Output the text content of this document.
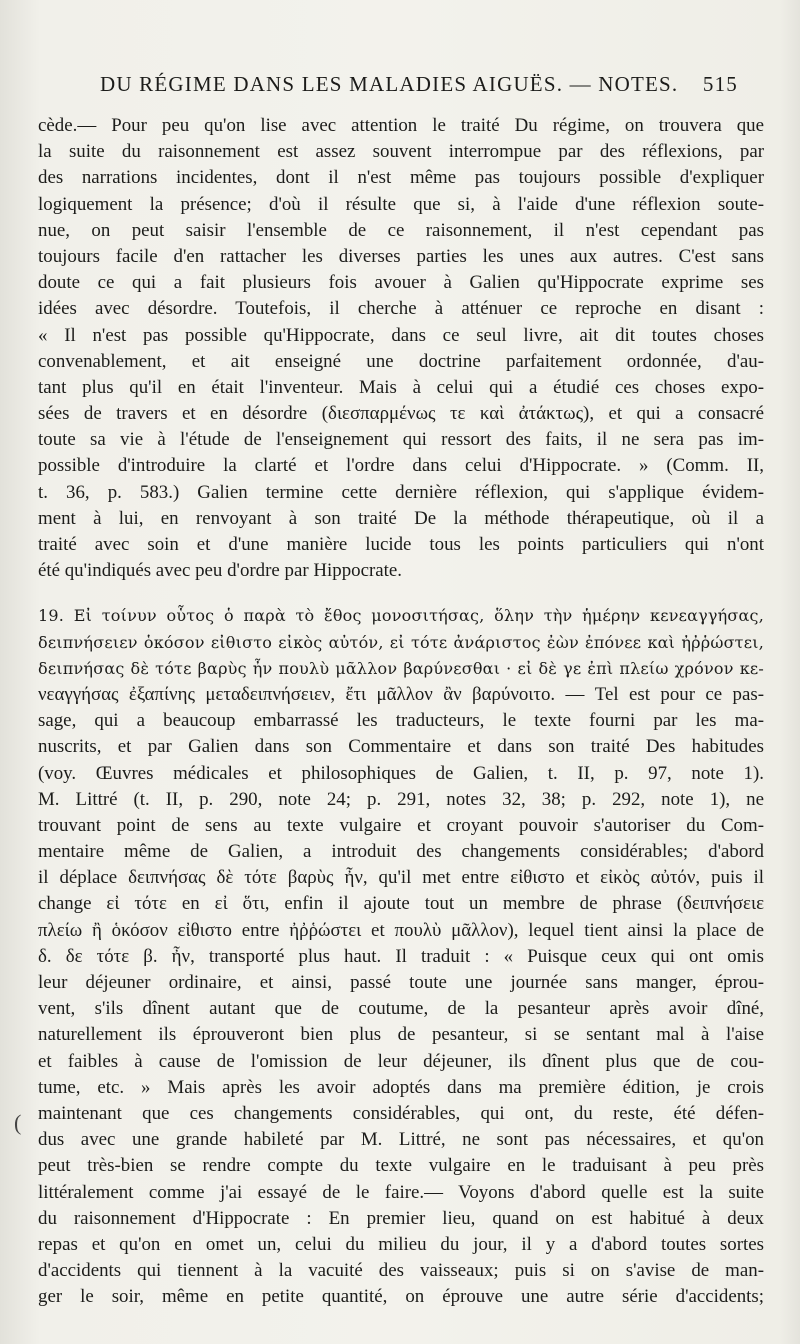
DU RÉGIME DANS LES MALADIES AIGUËS. — NOTES. 515
cède.— Pour peu qu'on lise avec attention le traité Du régime, on trouvera que
la suite du raisonnement est assez souvent interrompue par des réflexions, par
des narrations incidentes, dont il n'est même pas toujours possible d'expliquer
logiquement la présence; d'où il résulte que si, à l'aide d'une réflexion soute-
nue, on peut saisir l'ensemble de ce raisonnement, il n'est cependant pas
toujours facile d'en rattacher les diverses parties les unes aux autres. C'est sans
doute ce qui a fait plusieurs fois avouer à Galien qu'Hippocrate exprime ses
idées avec désordre. Toutefois, il cherche à atténuer ce reproche en disant :
« Il n'est pas possible qu'Hippocrate, dans ce seul livre, ait dit toutes choses
convenablement, et ait enseigné une doctrine parfaitement ordonnée, d'au-
tant plus qu'il en était l'inventeur. Mais à celui qui a étudié ces choses expo-
sées de travers et en désordre (διεσπαρμένως τε καὶ ἀτάκτως), et qui a consacré
toute sa vie à l'étude de l'enseignement qui ressort des faits, il ne sera pas im-
possible d'introduire la clarté et l'ordre dans celui d'Hippocrate. » (Comm. II,
t. 36, p. 583.) Galien termine cette dernière réflexion, qui s'applique évidem-
ment à lui, en renvoyant à son traité De la méthode thérapeutique, où il a
traité avec soin et d'une manière lucide tous les points particuliers qui n'ont
été qu'indiqués avec peu d'ordre par Hippocrate.
19. Εἰ τοίνυν οὗτος ὁ παρὰ τὸ ἔθος μονοσιτήσας, ὅλην τὴν ἡμέρην κενεαγγήσας,
δειπνήσειεν ὁκόσον εἰθιστο εἰκὸς αὐτόν, εἰ τότε ἀνάριστος ἐὼν ἐπόνεε καὶ ἠῤῥώστει,
δειπνήσας δὲ τότε βαρὺς ἦν πουλὺ μᾶλλον βαρύνεσθαι · εἰ δὲ γε ἐπὶ πλείω χρόνον κε-
νεαγγήσας ἐξαπίνης μεταδειπνήσειεν, ἔτι μᾶλλον ἂν βαρύνοιτο. — Tel est pour ce pas-
sage, qui a beaucoup embarrassé les traducteurs, le texte fourni par les ma-
nuscrits, et par Galien dans son Commentaire et dans son traité Des habitudes
(voy. Œuvres médicales et philosophiques de Galien, t. II, p. 97, note 1).
M. Littré (t. II, p. 290, note 24; p. 291, notes 32, 38; p. 292, note 1), ne
trouvant point de sens au texte vulgaire et croyant pouvoir s'autoriser du Com-
mentaire même de Galien, a introduit des changements considérables; d'abord
il déplace δειπνήσας δὲ τότε βαρὺς ἦν, qu'il met entre εἰθιστο et εἰκὸς αὐτόν, puis il
change εἰ τότε en εἰ ὅτι, enfin il ajoute tout un membre de phrase (δειπνήσειε
πλείω ἢ ὁκόσον εἰθιστο entre ἠῤῥώστει et πουλὺ μᾶλλον), lequel tient ainsi la place de
δ. δε τότε β. ἦν, transporté plus haut. Il traduit : « Puisque ceux qui ont omis
leur déjeuner ordinaire, et ainsi, passé toute une journée sans manger, éprou-
vent, s'ils dînent autant que de coutume, de la pesanteur après avoir dîné,
naturellement ils éprouveront bien plus de pesanteur, si se sentant mal à l'aise
et faibles à cause de l'omission de leur déjeuner, ils dînent plus que de cou-
tume, etc. » Mais après les avoir adoptés dans ma première édition, je crois
maintenant que ces changements considérables, qui ont, du reste, été défen-
dus avec une grande habileté par M. Littré, ne sont pas nécessaires, et qu'on
peut très-bien se rendre compte du texte vulgaire en le traduisant à peu près
littéralement comme j'ai essayé de le faire.— Voyons d'abord quelle est la suite
du raisonnement d'Hippocrate : En premier lieu, quand on est habitué à deux
repas et qu'on en omet un, celui du milieu du jour, il y a d'abord toutes sortes
d'accidents qui tiennent à la vacuité des vaisseaux; puis si on s'avise de man-
ger le soir, même en petite quantité, on éprouve une autre série d'accidents;
(
